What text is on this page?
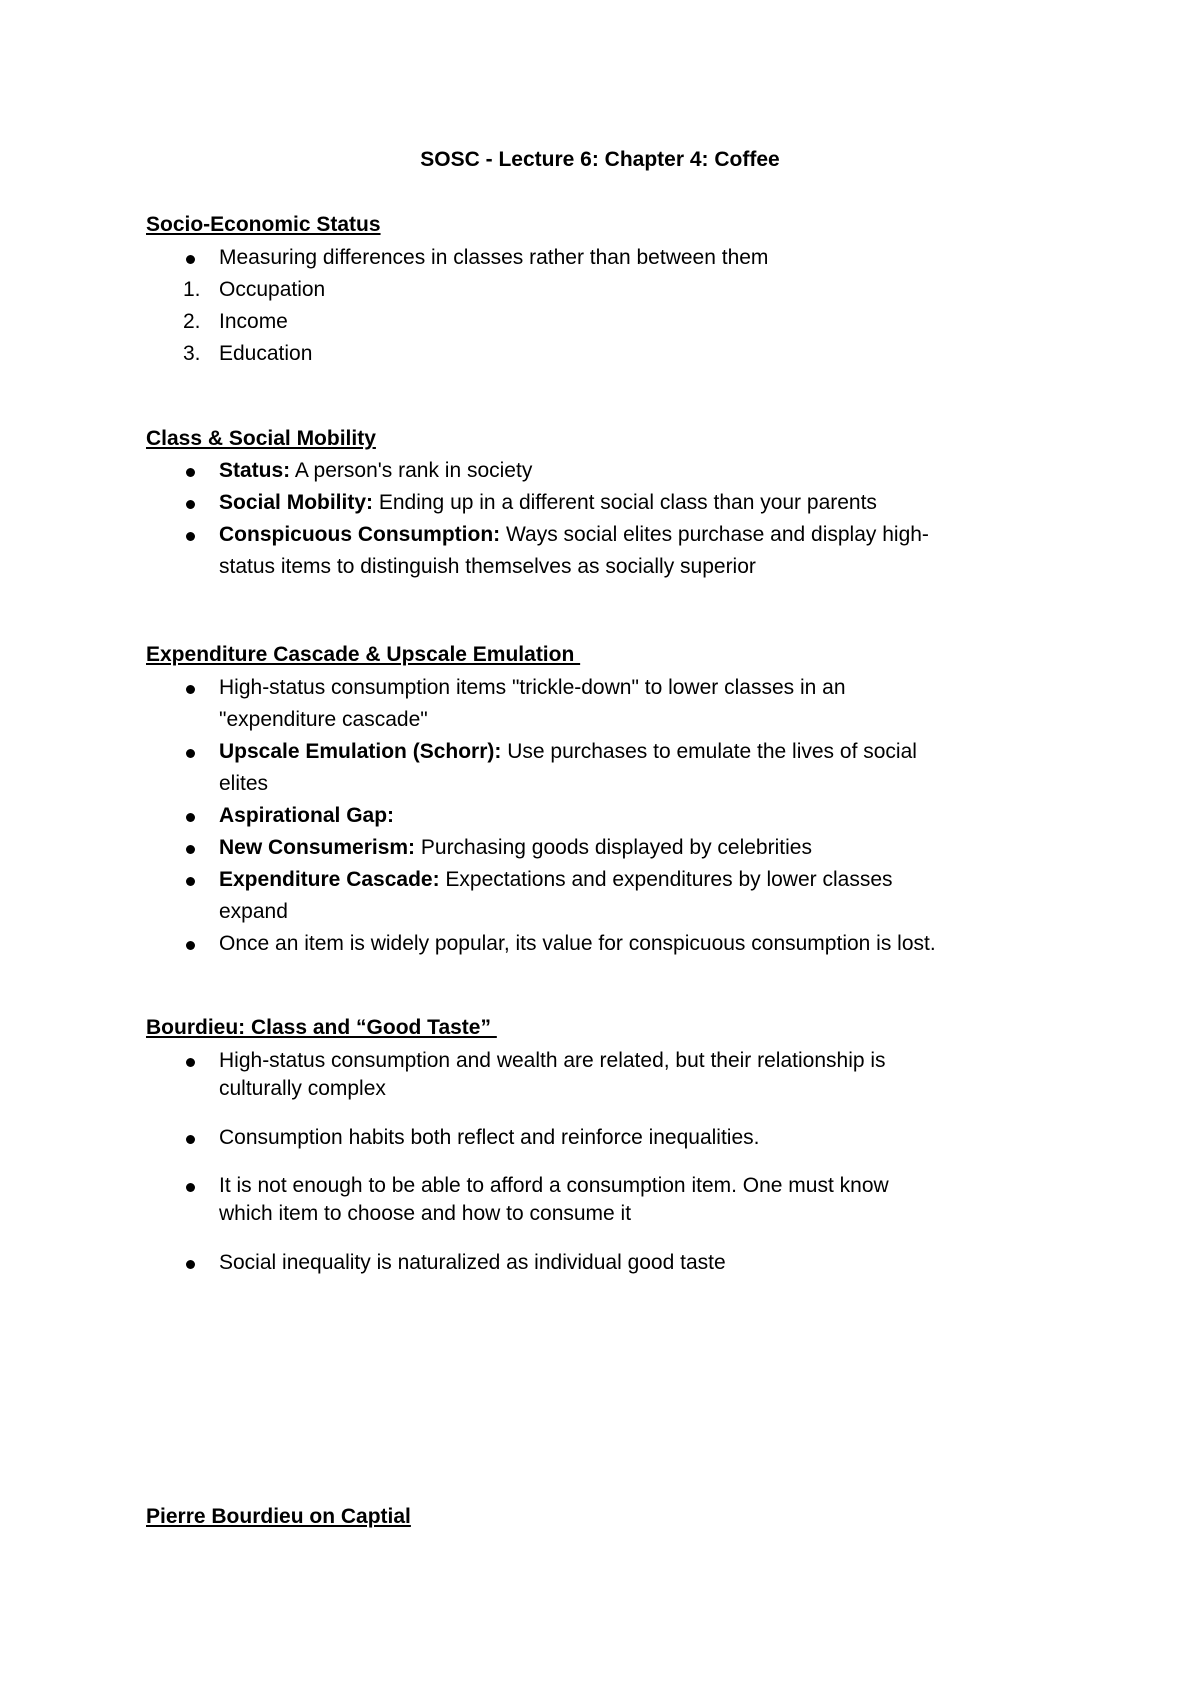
SOSC - Lecture 6: Chapter 4: Coffee
Socio-Economic Status
Measuring differences in classes rather than between them
1. Occupation
2. Income
3. Education
Class & Social Mobility
Status: A person's rank in society
Social Mobility: Ending up in a different social class than your parents
Conspicuous Consumption: Ways social elites purchase and display high-
status items to distinguish themselves as socially superior
Expenditure Cascade & Upscale Emulation
High-status consumption items "trickle-down" to lower classes in an
"expenditure cascade"
Upscale Emulation (Schorr): Use purchases to emulate the lives of social
elites
Aspirational Gap:
New Consumerism: Purchasing goods displayed by celebrities
Expenditure Cascade: Expectations and expenditures by lower classes
expand
Once an item is widely popular, its value for conspicuous consumption is lost.
Bourdieu: Class and “Good Taste”
High-status consumption and wealth are related, but their relationship is
culturally complex
Consumption habits both reflect and reinforce inequalities.
It is not enough to be able to afford a consumption item. One must know
which item to choose and how to consume it
Social inequality is naturalized as individual good taste
Pierre Bourdieu on Captial
